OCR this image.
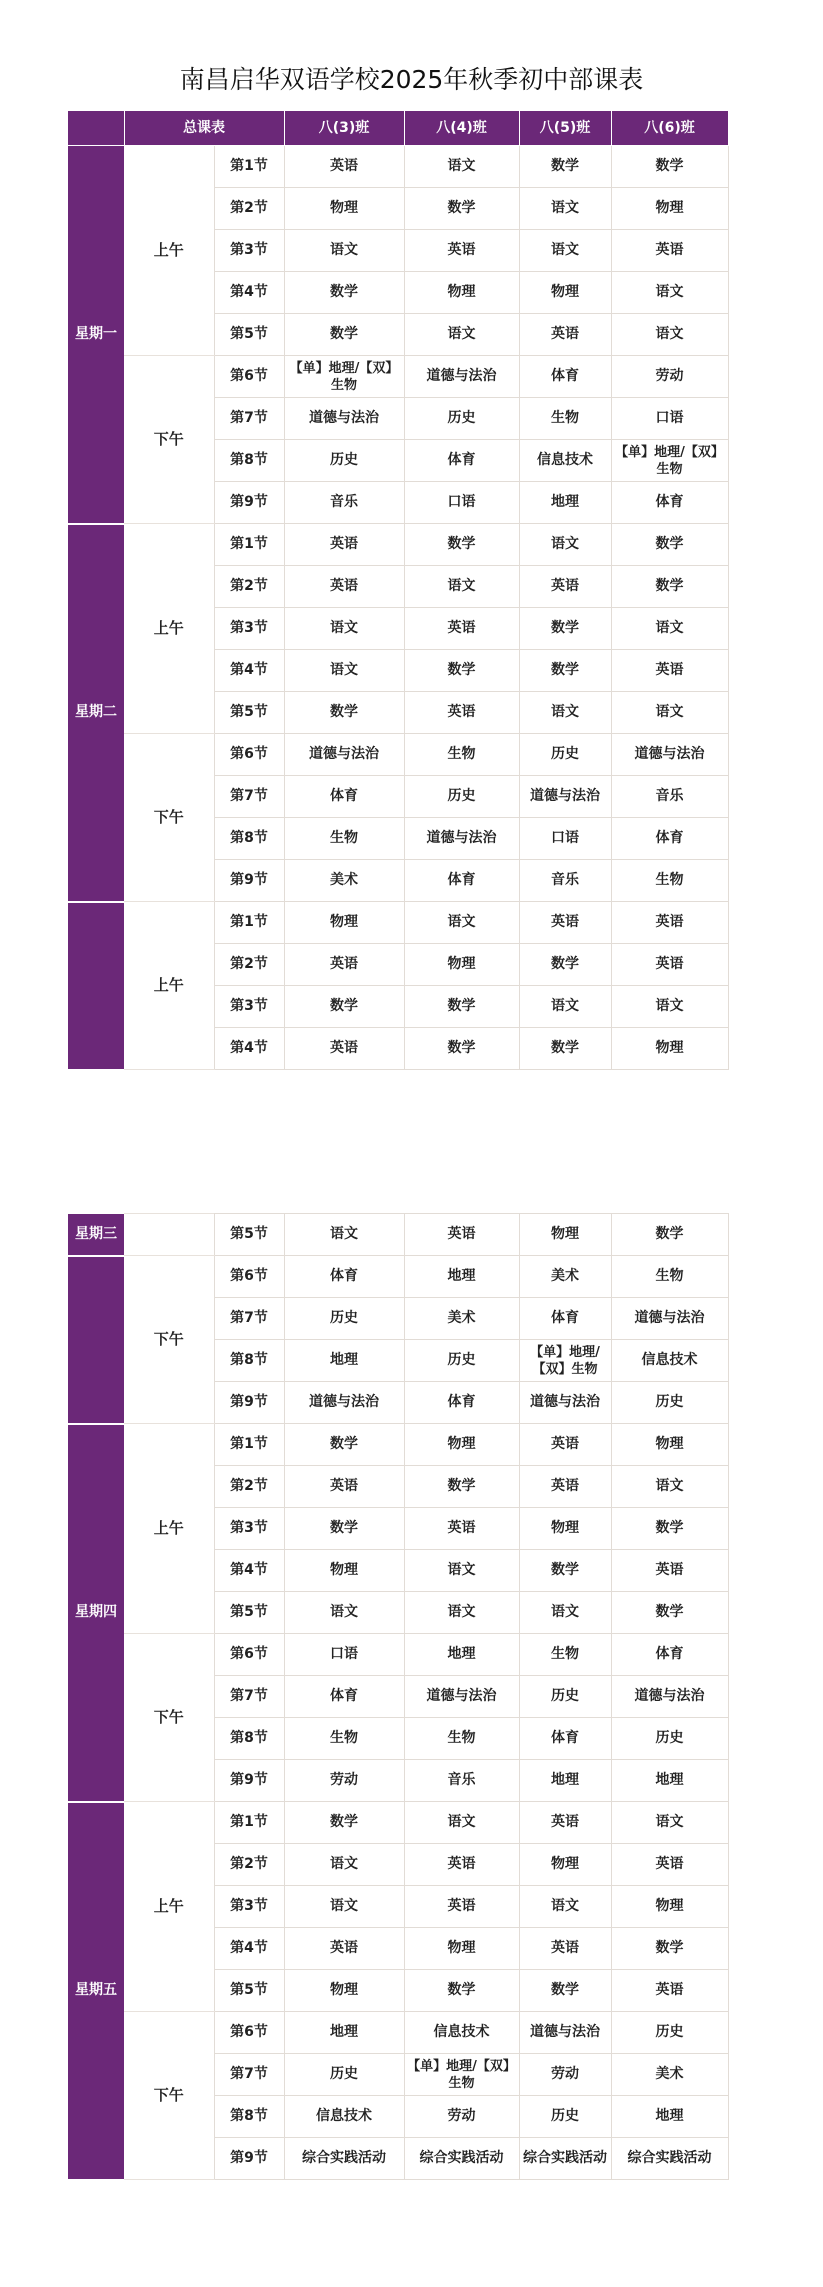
南昌启华双语学校2025年秋季初中部课表
	总课表		八(3)班	八(4)班	八(5)班	八(6)班
星期一	上午	第1节	英语	语文	数学	数学
		第2节	物理	数学	语文	物理
		第3节	语文	英语	语文	英语
		第4节	数学	物理	物理	语文
		第5节	数学	语文	英语	语文
	下午	第6节	【单】地理/【双】生物	道德与法治	体育	劳动
		第7节	道德与法治	历史	生物	口语
		第8节	历史	体育	信息技术	【单】地理/【双】生物
		第9节	音乐	口语	地理	体育
星期二	上午	第1节	英语	数学	语文	数学
		第2节	英语	语文	英语	数学
		第3节	语文	英语	数学	语文
		第4节	语文	数学	数学	英语
		第5节	数学	英语	语文	语文
	下午	第6节	道德与法治	生物	历史	道德与法治
		第7节	体育	历史	道德与法治	音乐
		第8节	生物	道德与法治	口语	体育
		第9节	美术	体育	音乐	生物
	上午	第1节	物理	语文	英语	英语
		第2节	英语	物理	数学	英语
		第3节	数学	数学	语文	语文
		第4节	英语	数学	数学	物理
星期三		第5节	语文	英语	物理	数学
	下午	第6节	体育	地理	美术	生物
		第7节	历史	美术	体育	道德与法治
		第8节	地理	历史	【单】地理/【双】生物	信息技术
		第9节	道德与法治	体育	道德与法治	历史
星期四	上午	第1节	数学	物理	英语	物理
		第2节	英语	数学	英语	语文
		第3节	数学	英语	物理	数学
		第4节	物理	语文	数学	英语
		第5节	语文	语文	语文	数学
	下午	第6节	口语	地理	生物	体育
		第7节	体育	道德与法治	历史	道德与法治
		第8节	生物	生物	体育	历史
		第9节	劳动	音乐	地理	地理
星期五	上午	第1节	数学	语文	英语	语文
		第2节	语文	英语	物理	英语
		第3节	语文	英语	语文	物理
		第4节	英语	物理	英语	数学
		第5节	物理	数学	数学	英语
	下午	第6节	地理	信息技术	道德与法治	历史
		第7节	历史	【单】地理/【双】生物	劳动	美术
		第8节	信息技术	劳动	历史	地理
		第9节	综合实践活动	综合实践活动	综合实践活动	综合实践活动
